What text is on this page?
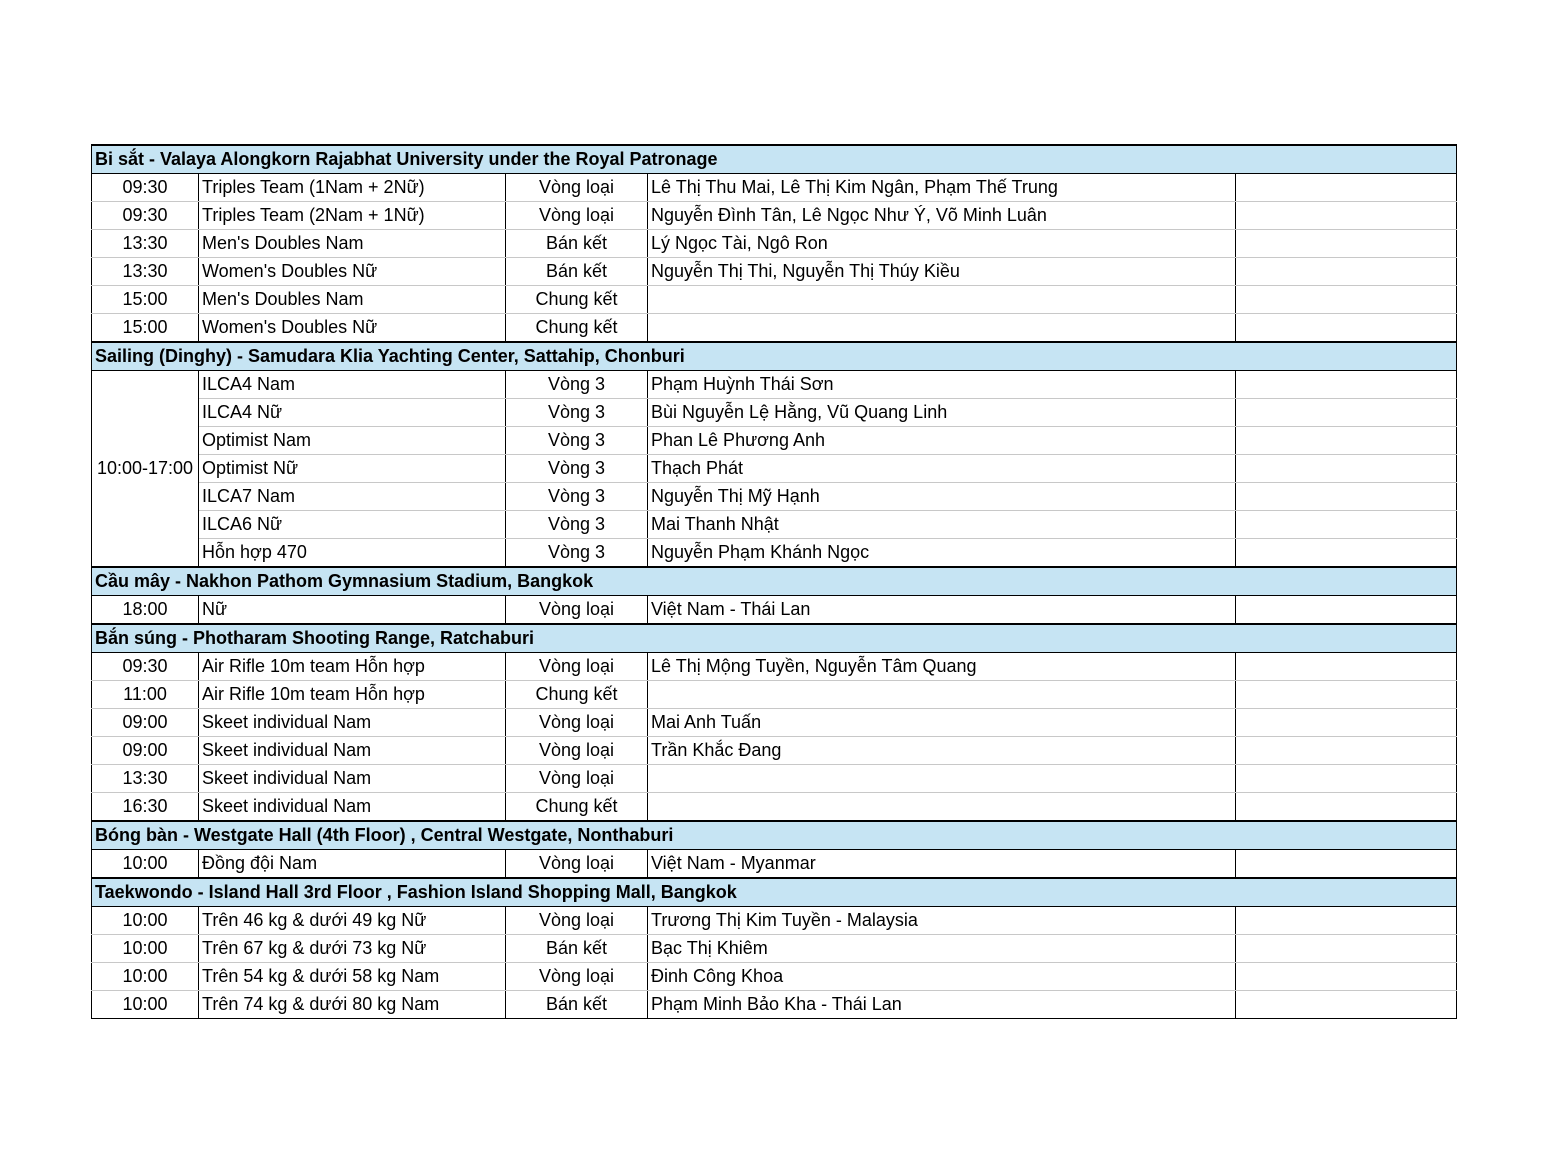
Bi sắt - Valaya Alongkorn Rajabhat University under the Royal Patronage				
09:30	Triples Team (1Nam + 2Nữ)	Vòng loại	Lê Thị Thu Mai, Lê Thị Kim Ngân, Phạm Thế Trung	
09:30	Triples Team (2Nam + 1Nữ)	Vòng loại	Nguyễn Đình Tân, Lê Ngọc Như Ý, Võ Minh Luân	
13:30	Men's Doubles Nam	Bán kết	Lý Ngọc Tài, Ngô Ron	
13:30	Women's Doubles Nữ	Bán kết	Nguyễn Thị Thi, Nguyễn Thị Thúy Kiều	
15:00	Men's Doubles Nam	Chung kết		
15:00	Women's Doubles Nữ	Chung kết		
Sailing (Dinghy) - Samudara Klia Yachting Center, Sattahip, Chonburi				
10:00-17:00	ILCA4 Nam	Vòng 3	Phạm Huỳnh Thái Sơn	
	ILCA4 Nữ	Vòng 3	Bùi Nguyễn Lệ Hằng, Vũ Quang Linh	
	Optimist Nam	Vòng 3	Phan Lê Phương Anh	
	Optimist Nữ	Vòng 3	Thạch Phát	
	ILCA7 Nam	Vòng 3	Nguyễn Thị Mỹ Hạnh	
	ILCA6 Nữ	Vòng 3	Mai Thanh Nhật	
	Hỗn hợp 470	Vòng 3	Nguyễn Phạm Khánh Ngọc	
Cầu mây - Nakhon Pathom Gymnasium Stadium, Bangkok				
18:00	Nữ	Vòng loại	Việt Nam - Thái Lan	
Bắn súng - Photharam Shooting Range, Ratchaburi				
09:30	Air Rifle 10m team Hỗn hợp	Vòng loại	Lê Thị Mộng Tuyền, Nguyễn Tâm Quang	
11:00	Air Rifle 10m team Hỗn hợp	Chung kết		
09:00	Skeet individual Nam	Vòng loại	Mai Anh Tuấn	
09:00	Skeet individual Nam	Vòng loại	Trần Khắc Đang	
13:30	Skeet individual Nam	Vòng loại		
16:30	Skeet individual Nam	Chung kết		
Bóng bàn - Westgate Hall (4th Floor) , Central Westgate, Nonthaburi				
10:00	Đồng đội Nam	Vòng loại	Việt Nam - Myanmar	
Taekwondo - Island Hall 3rd Floor , Fashion Island Shopping Mall, Bangkok				
10:00	Trên 46 kg & dưới 49 kg Nữ	Vòng loại	Trương Thị Kim Tuyền - Malaysia	
10:00	Trên 67 kg & dưới 73 kg Nữ	Bán kết	Bạc Thị Khiêm	
10:00	Trên 54 kg & dưới 58 kg Nam	Vòng loại	Đinh Công Khoa	
10:00	Trên 74 kg & dưới 80 kg Nam	Bán kết	Phạm Minh Bảo Kha - Thái Lan	
